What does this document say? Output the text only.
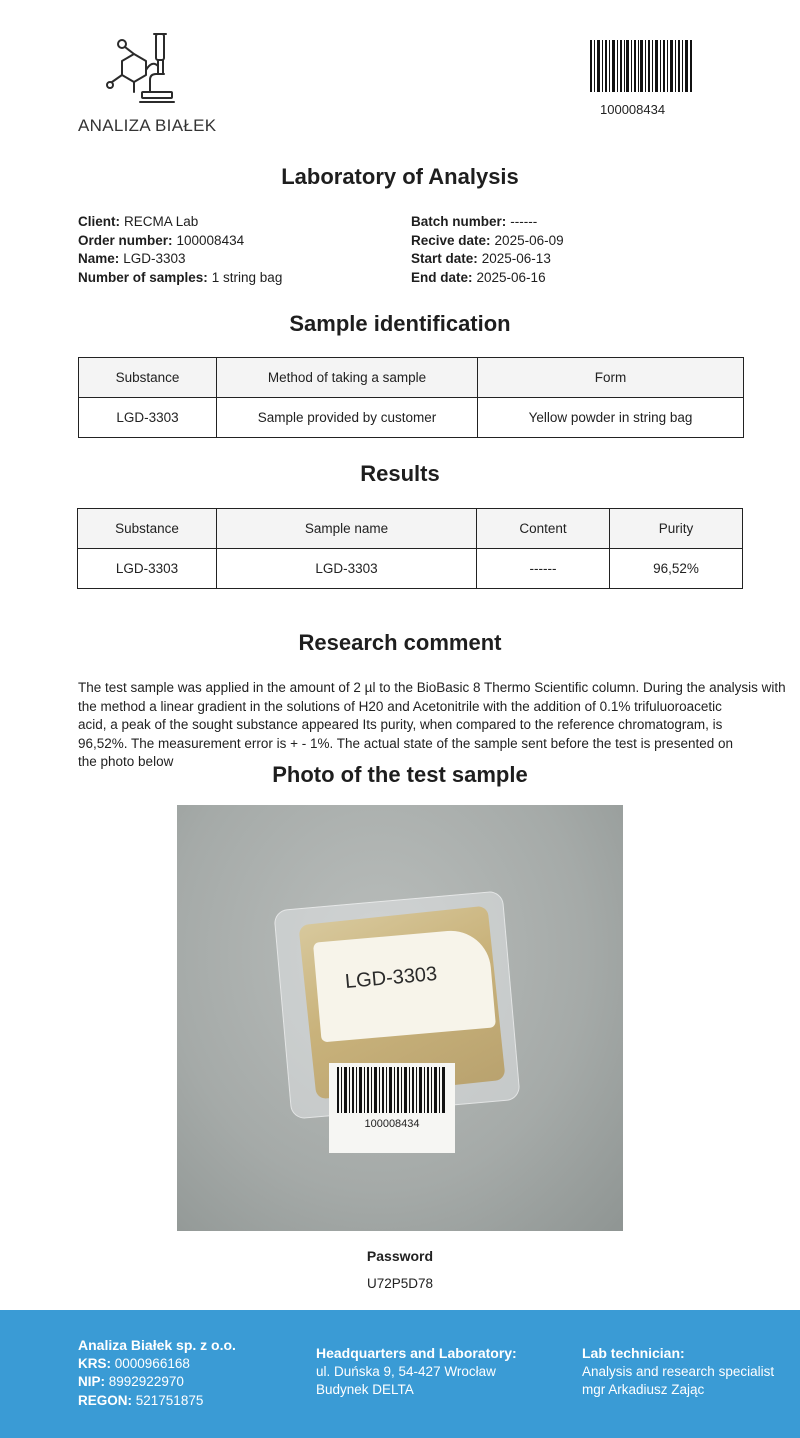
ANALIZA BIAŁEK
100008434
Laboratory of Analysis
Client: RECMA Lab
Order number: 100008434
Name: LGD-3303
Number of samples: 1 string bag
Batch number: ------
Recive date: 2025-06-09
Start date: 2025-06-13
End date: 2025-06-16
Sample identification
Substance	Method of taking a sample	Form
LGD-3303	Sample provided by customer	Yellow powder in string bag
Results
Substance	Sample name	Content	Purity
LGD-3303	LGD-3303	------	96,52%
Research comment
The test sample was applied in the amount of 2 µl to the BioBasic 8 Thermo Scientific column. During the analysis with
the method a linear gradient in the solutions of H20 and Acetonitrile with the addition of 0.1% trifuluoroacetic
acid, a peak of the sought substance appeared Its purity, when compared to the reference chromatogram, is
96,52%. The measurement error is + - 1%. The actual state of the sample sent before the test is presented on
the photo below
Photo of the test sample
LGD-3303
100008434
Password
U72P5D78
Analiza Białek sp. z o.o.
KRS: 0000966168
NIP: 8992922970
REGON: 521751875
Headquarters and Laboratory:
ul. Duńska 9, 54-427 Wrocław
Budynek DELTA
Lab technician:
Analysis and research specialist
mgr Arkadiusz Zając
